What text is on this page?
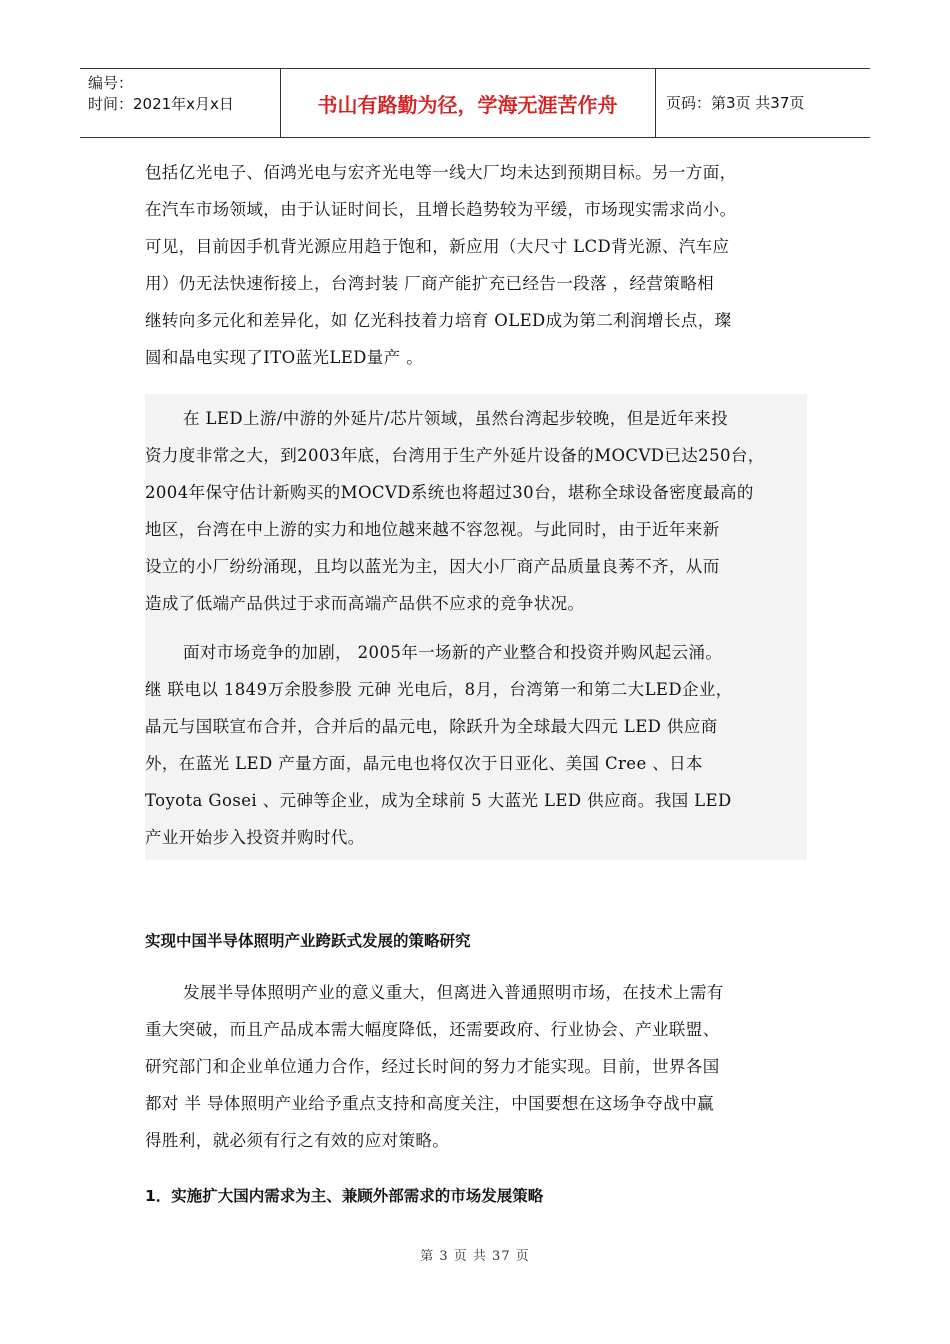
编号：
时间：2021年x月x日	书山有路勤为径，学海无涯苦作舟	页码：第3页 共37页
包括亿光电子、佰鸿光电与宏齐光电等一线大厂均未达到预期目标。另一方面，
在汽车市场领域，由于认证时间长，且增长趋势较为平缓，市场现实需求尚小。
可见，目前因手机背光源应用趋于饱和，新应用（大尺寸 LCD背光源、汽车应
用）仍无法快速衔接上，台湾封装 厂商产能扩充已经告一段落 ，经营策略相
继转向多元化和差异化，如 亿光科技着力培育 OLED成为第二利润增长点，璨
圆和晶电实现了ITO蓝光LED量产 。
在 LED上游/中游的外延片/芯片领域，虽然台湾起步较晚，但是近年来投
资力度非常之大，到2003年底，台湾用于生产外延片设备的MOCVD已达250台，
2004年保守估计新购买的MOCVD系统也将超过30台，堪称全球设备密度最高的
地区，台湾在中上游的实力和地位越来越不容忽视。与此同时，由于近年来新
设立的小厂纷纷涌现，且均以蓝光为主，因大小厂商产品质量良莠不齐，从而
造成了低端产品供过于求而高端产品供不应求的竞争状况。
面对市场竞争的加剧， 2005年一场新的产业整合和投资并购风起云涌。
继 联电以 1849万余股参股 元砷 光电后，8月，台湾第一和第二大LED企业，
晶元与国联宣布合并，合并后的晶元电，除跃升为全球最大四元 LED 供应商
外，在蓝光 LED 产量方面，晶元电也将仅次于日亚化、美国 Cree 、日本
Toyota Gosei 、元砷等企业，成为全球前 5 大蓝光 LED 供应商。我国 LED
产业开始步入投资并购时代。
实现中国半导体照明产业跨跃式发展的策略研究
发展半导体照明产业的意义重大，但离进入普通照明市场，在技术上需有
重大突破，而且产品成本需大幅度降低，还需要政府、行业协会、产业联盟、
研究部门和企业单位通力合作，经过长时间的努力才能实现。目前，世界各国
都对 半 导体照明产业给予重点支持和高度关注，中国要想在这场争夺战中赢
得胜利，就必须有行之有效的应对策略。
1．实施扩大国内需求为主、兼顾外部需求的市场发展策略
第 3 页 共 37 页
